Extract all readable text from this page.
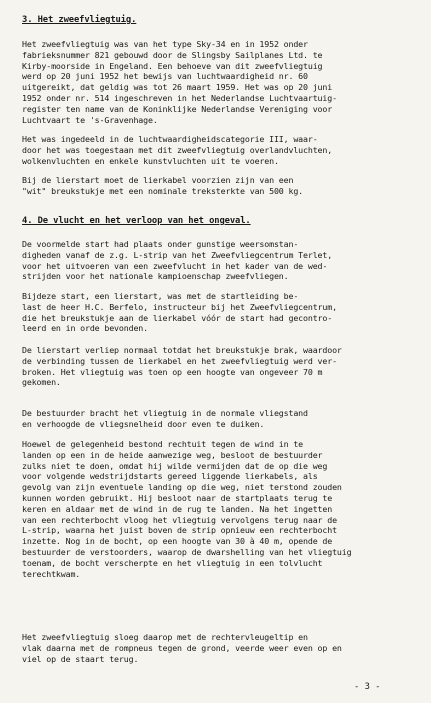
3. Het zweefvliegtuig.
Het zweefvliegtuig was van het type Sky-34 en in 1952 onder
fabrieksnummer 821 gebouwd door de Slingsby Sailplanes Ltd. te
Kirby-moorside in Engeland. Een behoeve van dit zweefvliegtuig
werd op 20 juni 1952 het bewijs van luchtwaardigheid nr. 60
uitgereikt, dat geldig was tot 26 maart 1959. Het was op 20 juni
1952 onder nr. 514 ingeschreven in het Nederlandse Luchtvaartuig-
register ten name van de Koninklijke Nederlandse Vereniging voor
Luchtvaart te 's-Gravenhage.
Het was ingedeeld in de luchtwaardigheidscategorie III, waar-
door het was toegestaan met dit zweefvliegtuig overlandvluchten,
wolkenvluchten en enkele kunstvluchten uit te voeren.
Bij de lierstart moet de lierkabel voorzien zijn van een
"wit" breukstukje met een nominale treksterkte van 500 kg.
4. De vlucht en het verloop van het ongeval.
De voormelde start had plaats onder gunstige weersomstan-
digheden vanaf de z.g. L-strip van het Zweefvliegcentrum Terlet,
voor het uitvoeren van een zweefvlucht in het kader van de wed-
strijden voor het nationale kampioenschap zweefvliegen.
Bijdeze start, een lierstart, was met de startleiding be-
last de heer H.C. Berfelo, instructeur bij het Zweefvliegcentrum,
die het breukstukje aan de lierkabel vóór de start had gecontro-
leerd en in orde bevonden.
De lierstart verliep normaal totdat het breukstukje brak, waardoor
de verbinding tussen de lierkabel en het zweefvliegtuig werd ver-
broken. Het vliegtuig was toen op een hoogte van ongeveer 70 m
gekomen.
De bestuurder bracht het vliegtuig in de normale vliegstand
en verhoogde de vliegsnelheid door even te duiken.
Hoewel de gelegenheid bestond rechtuit tegen de wind in te
landen op een in de heide aanwezige weg, besloot de bestuurder
zulks niet te doen, omdat hij wilde vermijden dat de op die weg
voor volgende wedstrijdstarts gereed liggende lierkabels, als
gevolg van zijn eventuele landing op die weg, niet terstond zouden
kunnen worden gebruikt. Hij besloot naar de startplaats terug te
keren en aldaar met de wind in de rug te landen. Na het ingetten
van een rechterbocht vloog het vliegtuig vervolgens terug naar de
L-strip, waarna het juist boven de strip opnieuw een rechterbocht
inzette. Nog in de bocht, op een hoogte van 30 à 40 m, opende de
bestuurder de verstoorders, waarop de dwarshelling van het vliegtuig
toenam, de bocht verscherpte en het vliegtuig in een tolvlucht
terechtkwam.
Het zweefvliegtuig sloeg daarop met de rechtervleugeltip en
vlak daarna met de rompneus tegen de grond, veerde weer even op en
viel op de staart terug.
- 3 -
